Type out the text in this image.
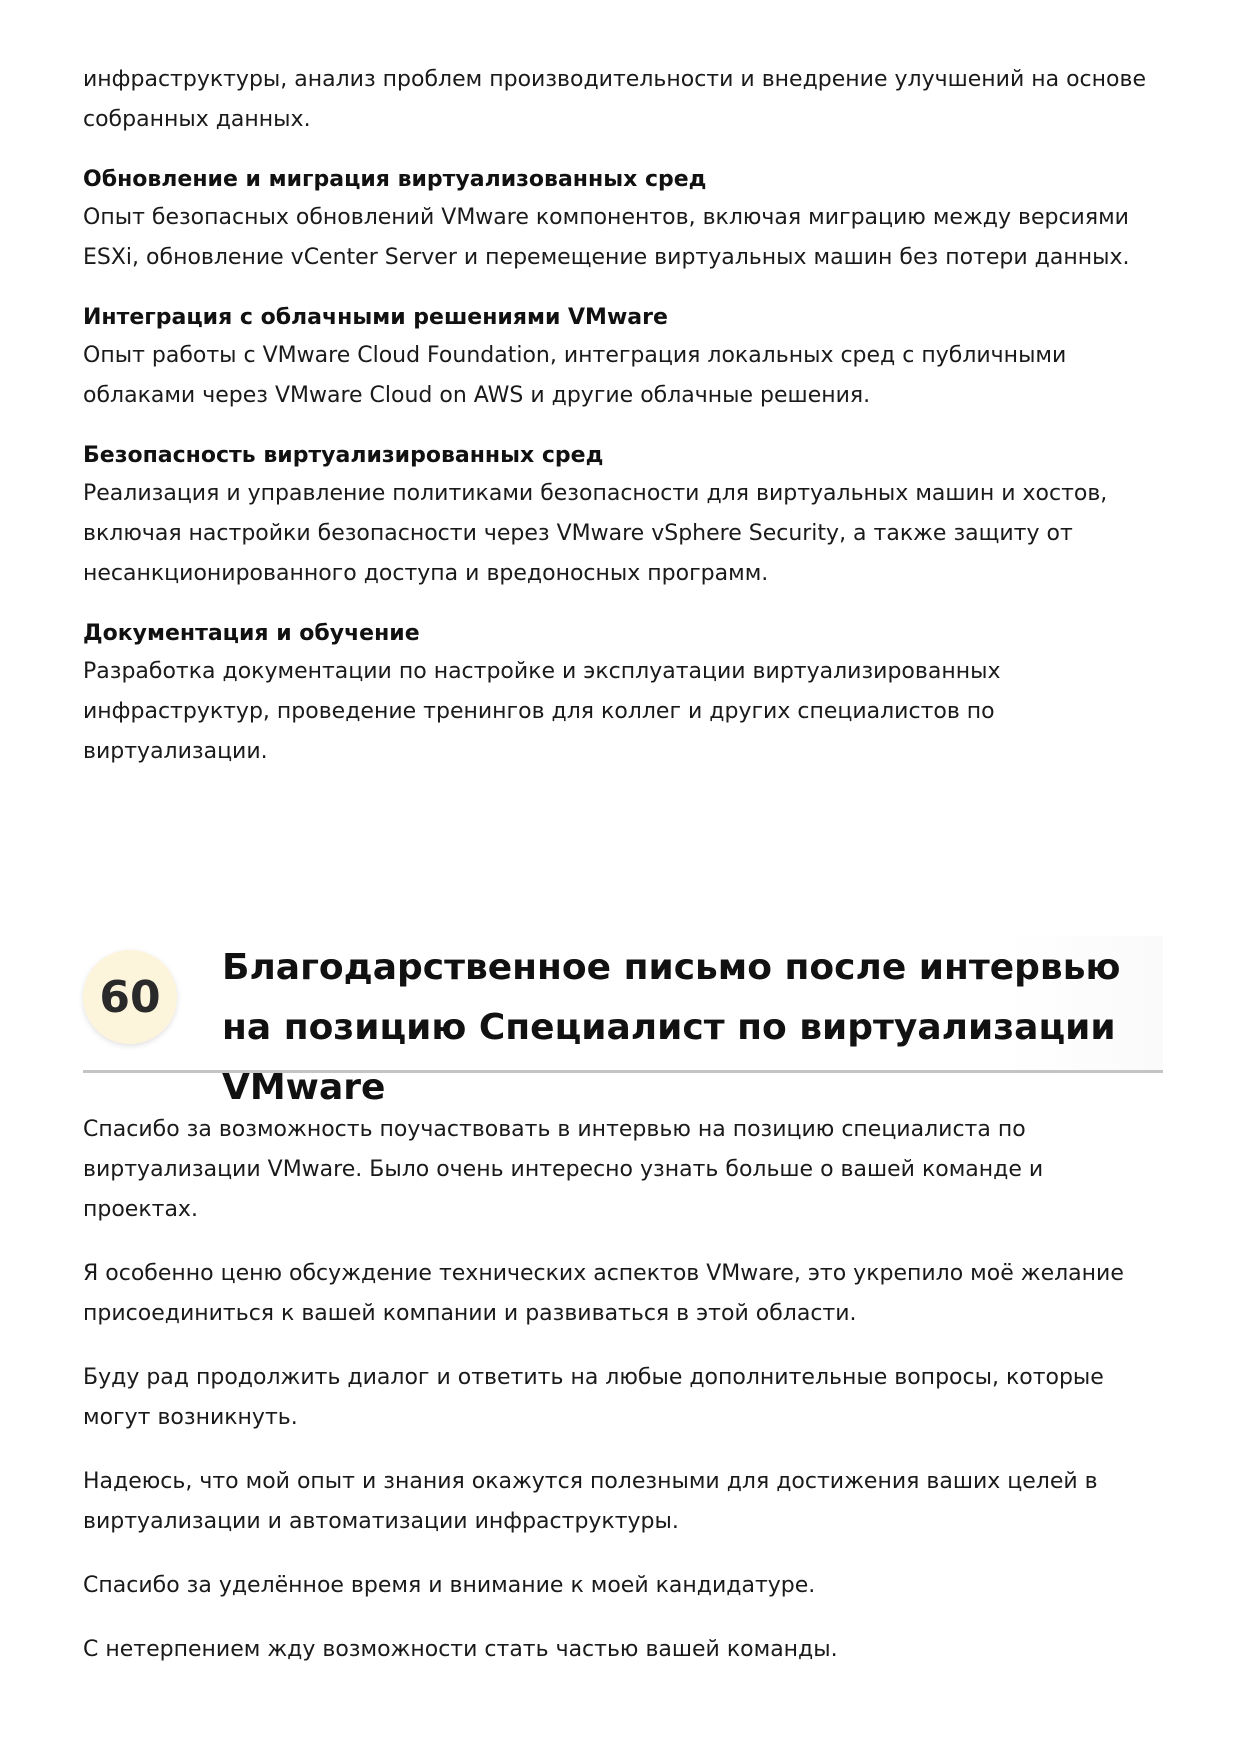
инфраструктуры, анализ проблем производительности и внедрение улучшений на основе собранных данных.

Обновление и миграция виртуализованных сред

Опыт безопасных обновлений VMware компонентов, включая миграцию между версиями ESXi, обновление vCenter Server и перемещение виртуальных машин без потери данных.

Интеграция с облачными решениями VMware

Опыт работы с VMware Cloud Foundation, интеграция локальных сред с публичными облаками через VMware Cloud on AWS и другие облачные решения.

Безопасность виртуализированных сред

Реализация и управление политиками безопасности для виртуальных машин и хостов, включая настройки безопасности через VMware vSphere Security, а также защиту от несанкционированного доступа и вредоносных программ.

Документация и обучение

Разработка документации по настройке и эксплуатации виртуализированных инфраструктур, проведение тренингов для коллег и других специалистов по виртуализации.

60
Благодарственное письмо после интервью на позицию Специалист по виртуализации VMware

Спасибо за возможность поучаствовать в интервью на позицию специалиста по виртуализации VMware. Было очень интересно узнать больше о вашей команде и проектах.

Я особенно ценю обсуждение технических аспектов VMware, это укрепило моё желание присоединиться к вашей компании и развиваться в этой области.

Буду рад продолжить диалог и ответить на любые дополнительные вопросы, которые могут возникнуть.

Надеюсь, что мой опыт и знания окажутся полезными для достижения ваших целей в виртуализации и автоматизации инфраструктуры.

Спасибо за уделённое время и внимание к моей кандидатуре.

С нетерпением жду возможности стать частью вашей команды.
